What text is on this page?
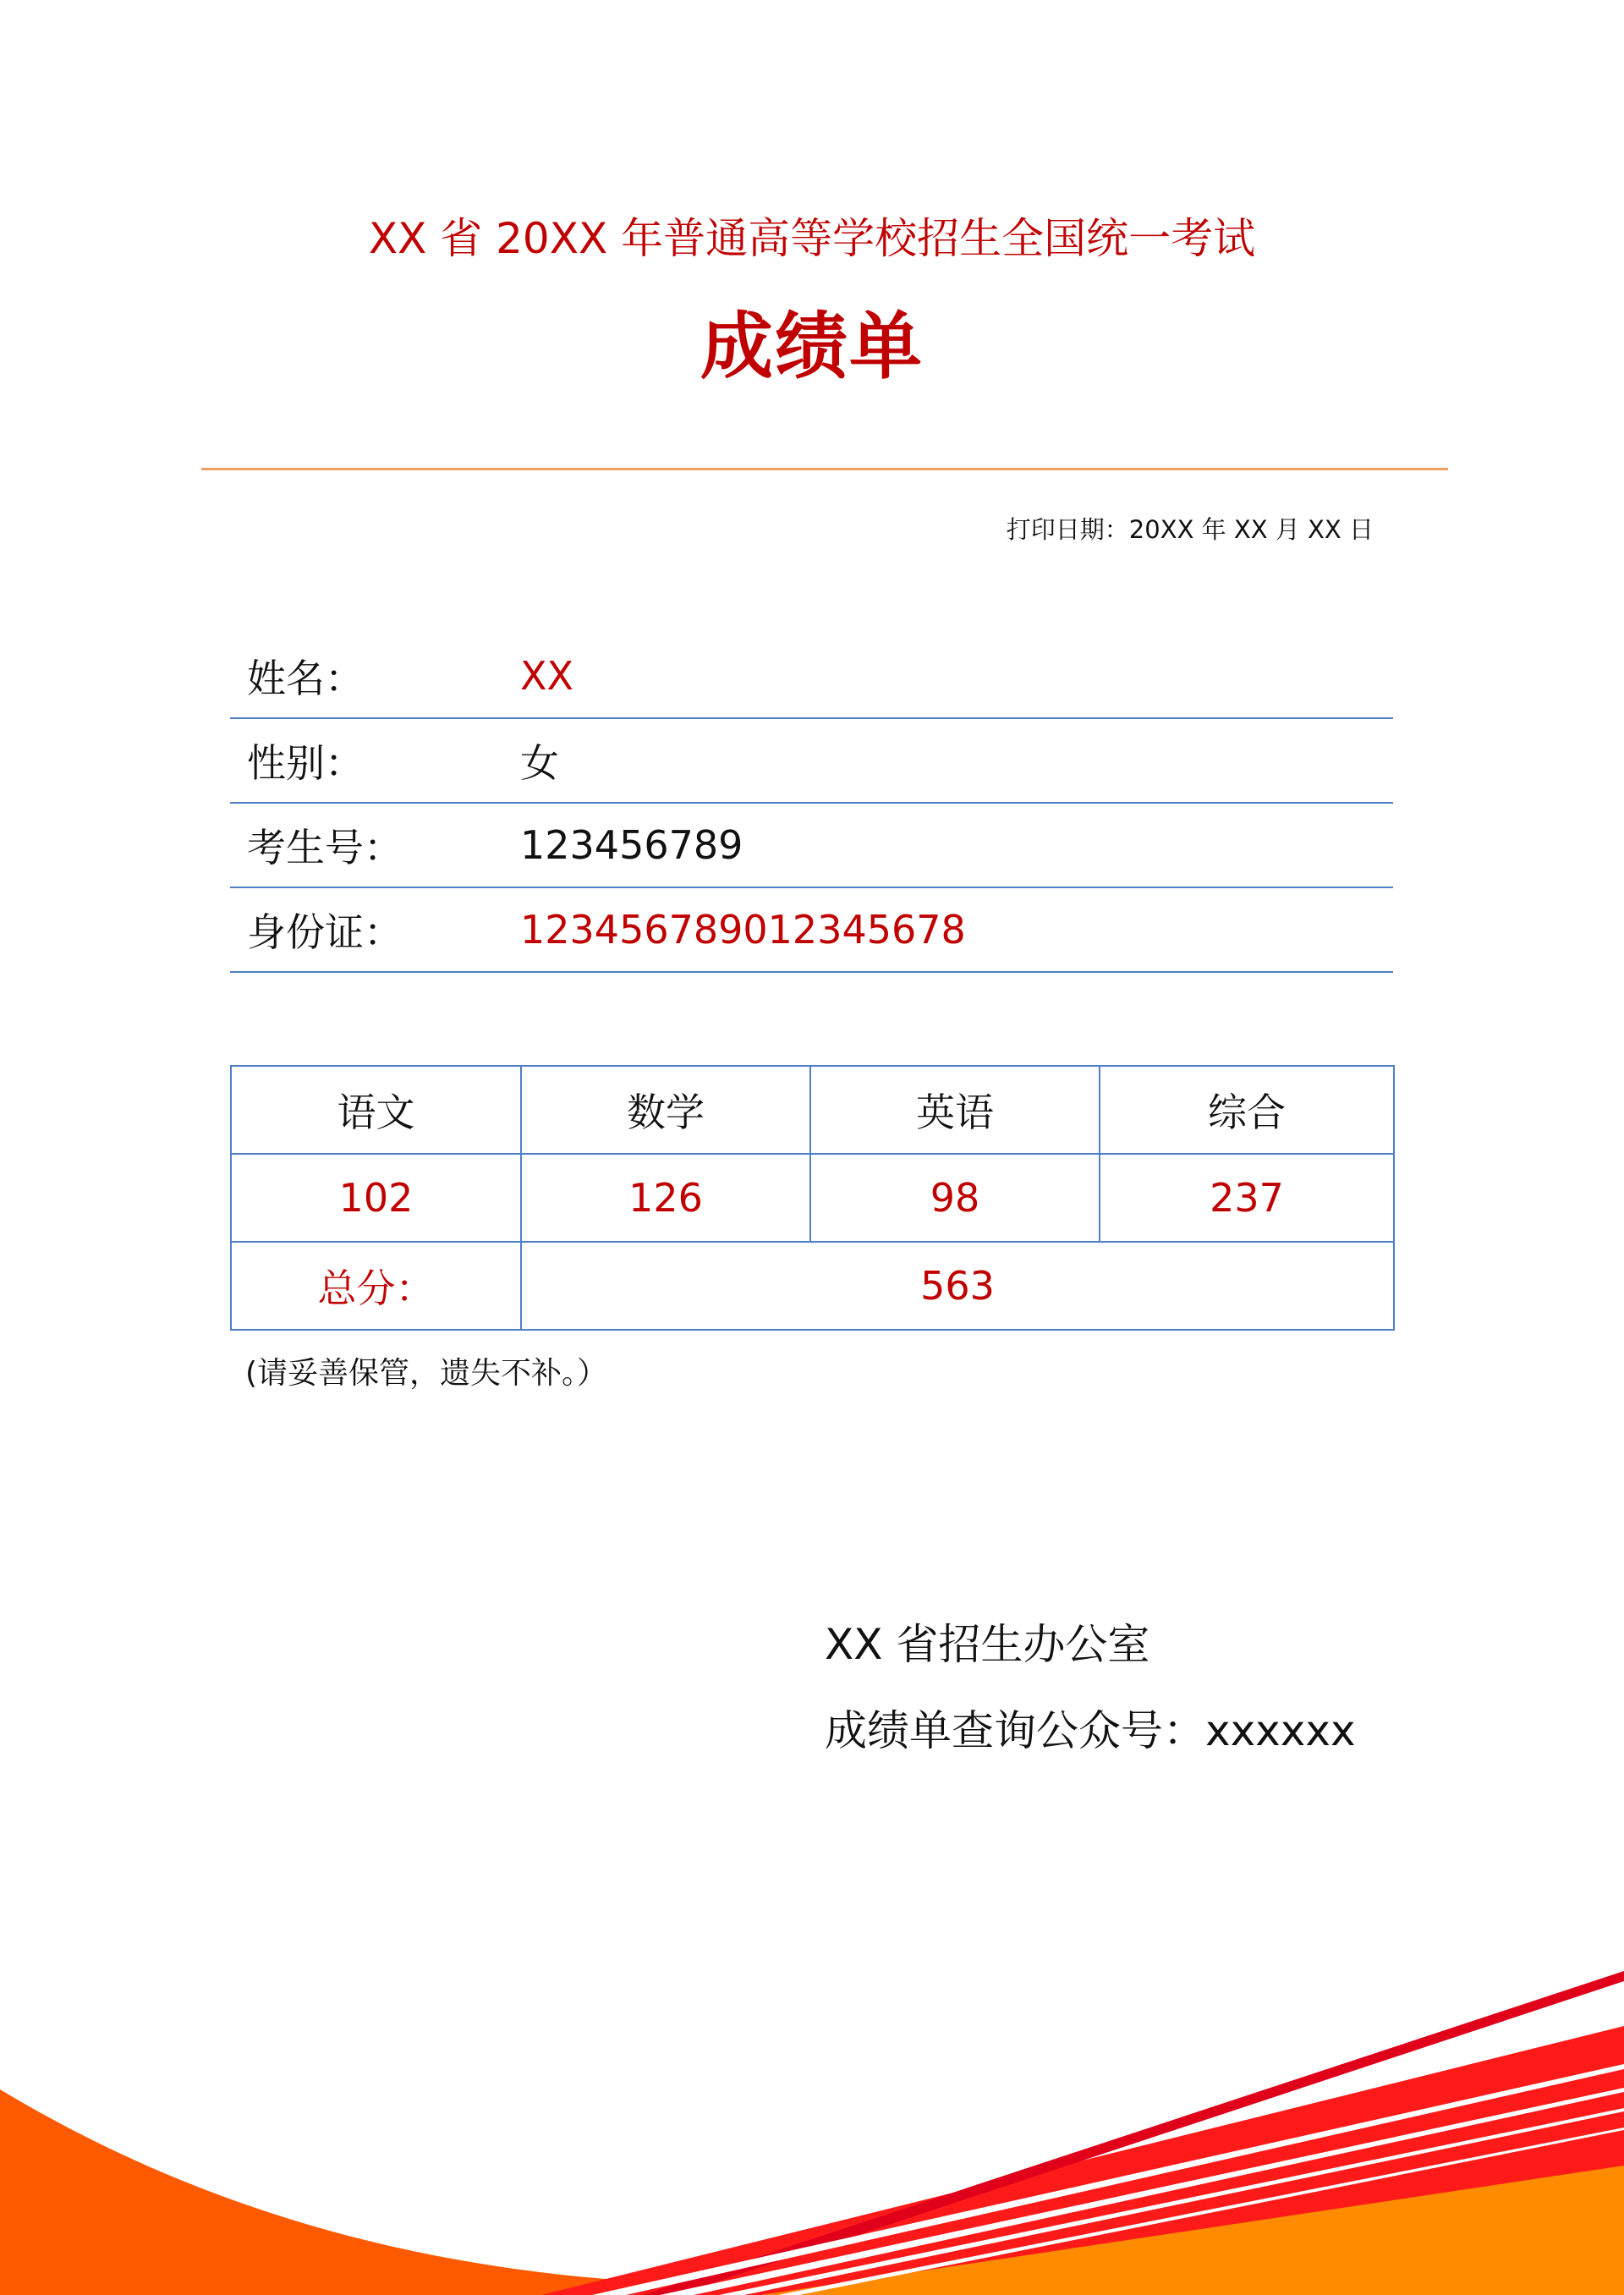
XX 省 20XX 年普通高等学校招生全国统一考试
成绩单
打印日期：20XX 年 XX 月 XX 日
姓名：	XX
性别：	女
考生号：	123456789
身份证：	123456789012345678
语文	数学	英语	综合
102	126	98	237
总分：	563		
(请妥善保管，遗失不补。）
XX 省招生办公室
成绩单查询公众号：xxxxxx
